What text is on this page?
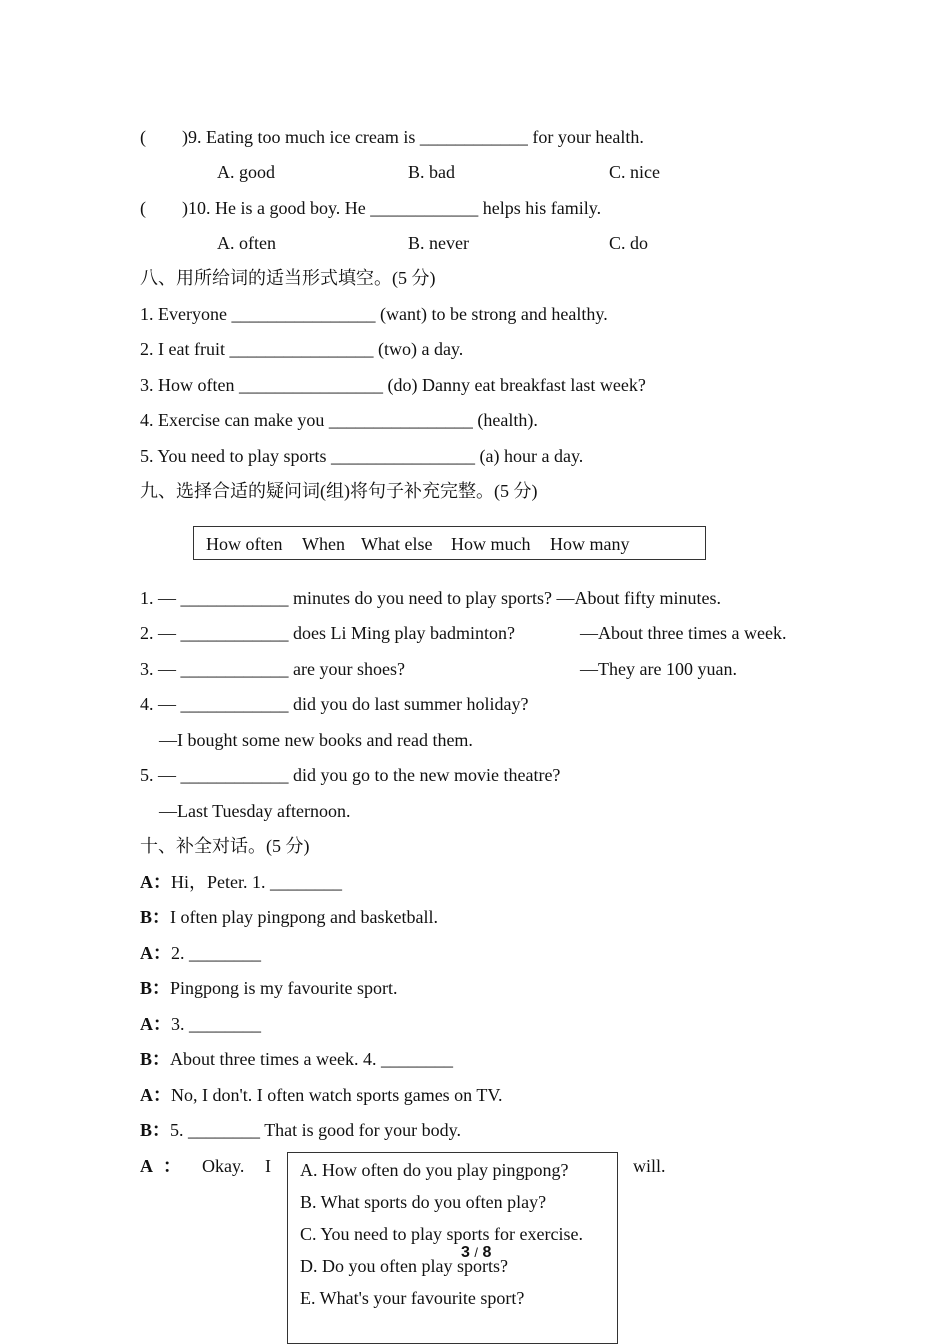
(        )9. Eating too much ice cream is ____________ for your health.
A. good	B. bad	C. nice
(        )10. He is a good boy. He ____________ helps his family.
A. often	B. never	C. do
八、用所给词的适当形式填空。(5 分)
1. Everyone ________________ (want) to be strong and healthy.
2. I eat fruit ________________ (two) a day.
3. How often ________________ (do) Danny eat breakfast last week?
4. Exercise can make you ________________ (health).
5. You need to play sports ________________ (a) hour a day.
九、选择合适的疑问词(组)将句子补充完整。(5 分)
How often When What else How much How many
1. — ____________ minutes do you need to play sports? —About fifty minutes.
2. — ____________ does Li Ming play badminton?	—About three times a week.
3. — ____________ are your shoes?	—They are 100 yuan.
4. — ____________ did you do last summer holiday?
—I bought some new books and read them.
5. — ____________ did you go to the new movie theatre?
—Last Tuesday afternoon.
十、补全对话。(5 分)
A：Hi，Peter. 1. ________
B：I often play pingpong and basketball.
A：2. ________
B：Pingpong is my favourite sport.
A：3. ________
B：About three times a week. 4. ________
A：No, I don't. I often watch sports games on TV.
B：5. ________ That is good for your body.
A ： Okay. I	will.
A. How often do you play pingpong?
B. What sports do you often play?
C. You need to play sports for exercise.
D. Do you often play sports?
E. What's your favourite sport?
3 / 8
